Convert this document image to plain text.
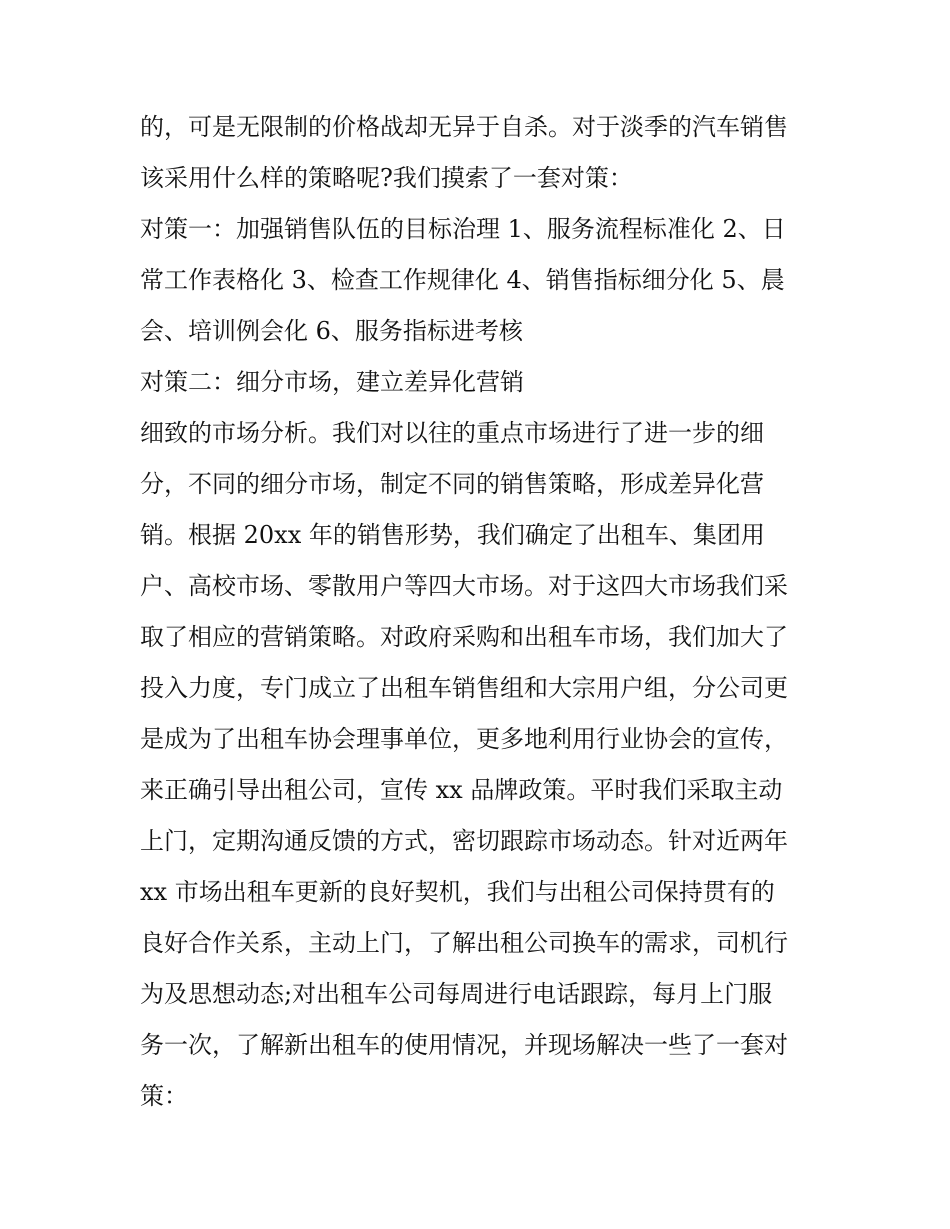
的，可是无限制的价格战却无异于自杀。对于淡季的汽车销售
该采用什么样的策略呢?我们摸索了一套对策：
对策一：加强销售队伍的目标治理 1、服务流程标准化 2、日
常工作表格化 3、检查工作规律化 4、销售指标细分化 5、晨
会、培训例会化 6、服务指标进考核
对策二：细分市场，建立差异化营销
细致的市场分析。我们对以往的重点市场进行了进一步的细
分，不同的细分市场，制定不同的销售策略，形成差异化营
销。根据 20xx 年的销售形势，我们确定了出租车、集团用
户、高校市场、零散用户等四大市场。对于这四大市场我们采
取了相应的营销策略。对政府采购和出租车市场，我们加大了
投入力度，专门成立了出租车销售组和大宗用户组，分公司更
是成为了出租车协会理事单位，更多地利用行业协会的宣传，
来正确引导出租公司，宣传 xx 品牌政策。平时我们采取主动
上门，定期沟通反馈的方式，密切跟踪市场动态。针对近两年
xx 市场出租车更新的良好契机，我们与出租公司保持贯有的
良好合作关系，主动上门，了解出租公司换车的需求，司机行
为及思想动态;对出租车公司每周进行电话跟踪，每月上门服
务一次，了解新出租车的使用情况，并现场解决一些了一套对
策：
